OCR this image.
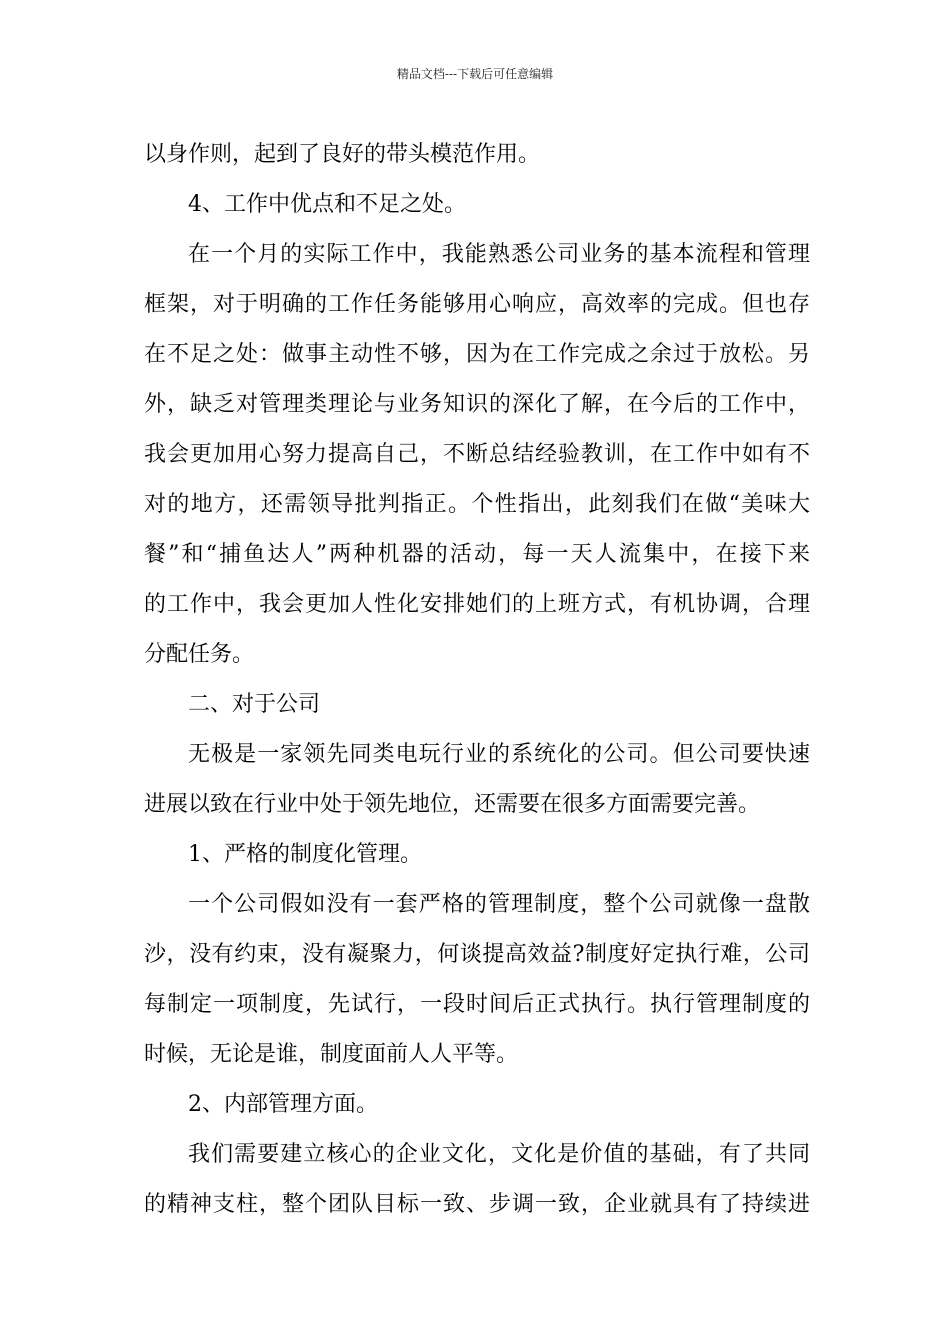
精品文档---下载后可任意编辑
以身作则，起到了良好的带头模范作用。
4、工作中优点和不足之处。
在一个月的实际工作中，我能熟悉公司业务的基本流程和管理
框架，对于明确的工作任务能够用心响应，高效率的完成。但也存
在不足之处：做事主动性不够，因为在工作完成之余过于放松。另
外，缺乏对管理类理论与业务知识的深化了解，在今后的工作中，
我会更加用心努力提高自己，不断总结经验教训，在工作中如有不
对的地方，还需领导批判指正。个性指出，此刻我们在做“美味大
餐”和“捕鱼达人”两种机器的活动，每一天人流集中，在接下来
的工作中，我会更加人性化安排她们的上班方式，有机协调，合理
分配任务。
二、对于公司
无极是一家领先同类电玩行业的系统化的公司。但公司要快速
进展以致在行业中处于领先地位，还需要在很多方面需要完善。
1、严格的制度化管理。
一个公司假如没有一套严格的管理制度，整个公司就像一盘散
沙，没有约束，没有凝聚力，何谈提高效益?制度好定执行难，公司
每制定一项制度，先试行，一段时间后正式执行。执行管理制度的
时候，无论是谁，制度面前人人平等。
2、内部管理方面。
我们需要建立核心的企业文化，文化是价值的基础，有了共同
的精神支柱，整个团队目标一致、步调一致，企业就具有了持续进
